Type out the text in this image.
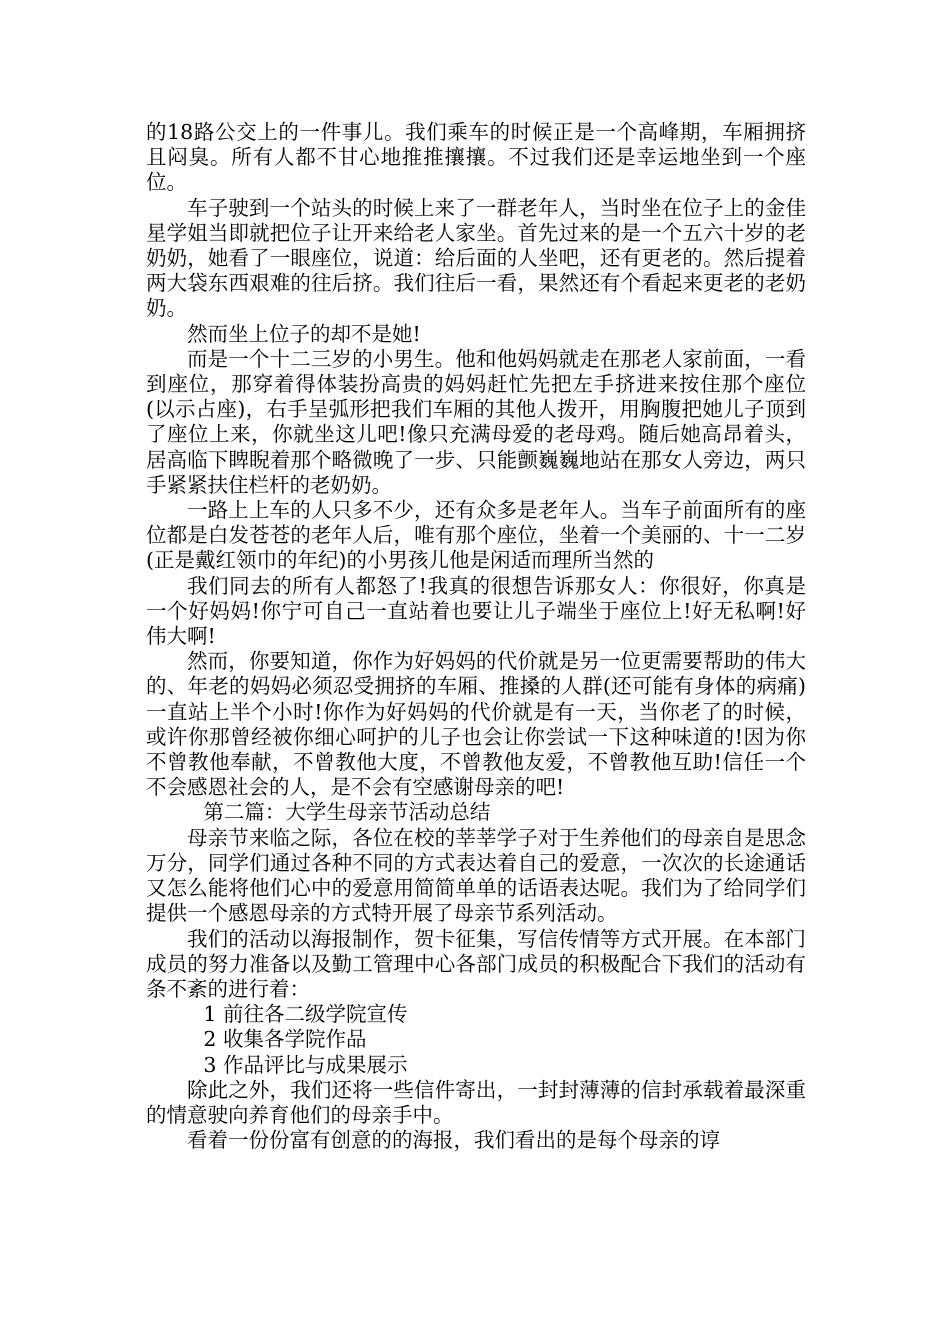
的18路公交上的一件事儿。我们乘车的时候正是一个高峰期，车厢拥挤且闷臭。所有人都不甘心地推推攘攘。不过我们还是幸运地坐到一个座位。

车子驶到一个站头的时候上来了一群老年人，当时坐在位子上的金佳星学姐当即就把位子让开来给老人家坐。首先过来的是一个五六十岁的老奶奶，她看了一眼座位，说道：给后面的人坐吧，还有更老的。然后提着两大袋东西艰难的往后挤。我们往后一看，果然还有个看起来更老的老奶奶。

然而坐上位子的却不是她!

而是一个十二三岁的小男生。他和他妈妈就走在那老人家前面，一看到座位，那穿着得体装扮高贵的妈妈赶忙先把左手挤进来按住那个座位(以示占座)，右手呈弧形把我们车厢的其他人拨开，用胸腹把她儿子顶到了座位上来，你就坐这儿吧!像只充满母爱的老母鸡。随后她高昂着头，居高临下睥睨着那个略微晚了一步、只能颤巍巍地站在那女人旁边，两只手紧紧扶住栏杆的老奶奶。

一路上上车的人只多不少，还有众多是老年人。当车子前面所有的座位都是白发苍苍的老年人后，唯有那个座位，坐着一个美丽的、十一二岁(正是戴红领巾的年纪)的小男孩儿他是闲适而理所当然的

我们同去的所有人都怒了!我真的很想告诉那女人：你很好，你真是一个好妈妈!你宁可自己一直站着也要让儿子端坐于座位上!好无私啊!好伟大啊!

然而，你要知道，你作为好妈妈的代价就是另一位更需要帮助的伟大的、年老的妈妈必须忍受拥挤的车厢、推搡的人群(还可能有身体的病痛)一直站上半个小时!你作为好妈妈的代价就是有一天，当你老了的时候，或许你那曾经被你细心呵护的儿子也会让你尝试一下这种味道的!因为你不曾教他奉献，不曾教他大度，不曾教他友爱，不曾教他互助!信任一个不会感恩社会的人，是不会有空感谢母亲的吧!

第二篇：大学生母亲节活动总结

母亲节来临之际，各位在校的莘莘学子对于生养他们的母亲自是思念万分，同学们通过各种不同的方式表达着自己的爱意，一次次的长途通话又怎么能将他们心中的爱意用简简单单的话语表达呢。我们为了给同学们提供一个感恩母亲的方式特开展了母亲节系列活动。

我们的活动以海报制作，贺卡征集，写信传情等方式开展。在本部门成员的努力准备以及勤工管理中心各部门成员的积极配合下我们的活动有条不紊的进行着：

1 前往各二级学院宣传

2 收集各学院作品

3 作品评比与成果展示

除此之外，我们还将一些信件寄出，一封封薄薄的信封承载着最深重的情意驶向养育他们的母亲手中。

看着一份份富有创意的的海报，我们看出的是每个母亲的谆
